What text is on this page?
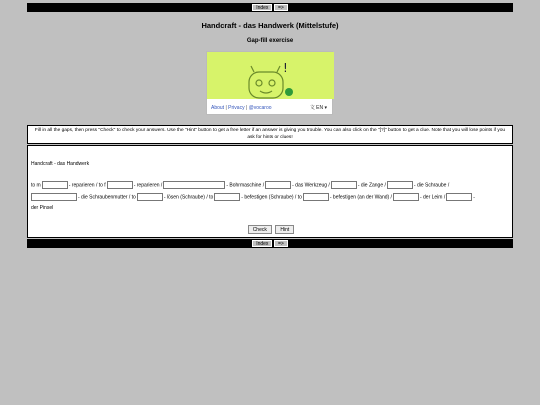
Index =>
Handcraft - das Handwerk (Mittelstufe)
Gap-fill exercise
!
About | Privacy | @vocaroo	文 EN ▾
Fill in all the gaps, then press "Check" to check your answers. Use the "Hint" button to get a free letter if an answer is giving you trouble. You can also click on the "[?]" button to get a clue. Note that you will lose points if you ask for hints or clues!
Handcraft - das Handwerk
to m	- reparieren / to f	- reparieren /	- Bohrmaschine /	- das Werkzeug /	- die Zange /	- die Schraube /
- die Schraubenmutter / to	- lösen (Schraube) / to	- befestigen (Schraube) / to	- befestigen (an der Wand) /	- der Leim /	-
der Pinsel
Check	Hint
Index =>
